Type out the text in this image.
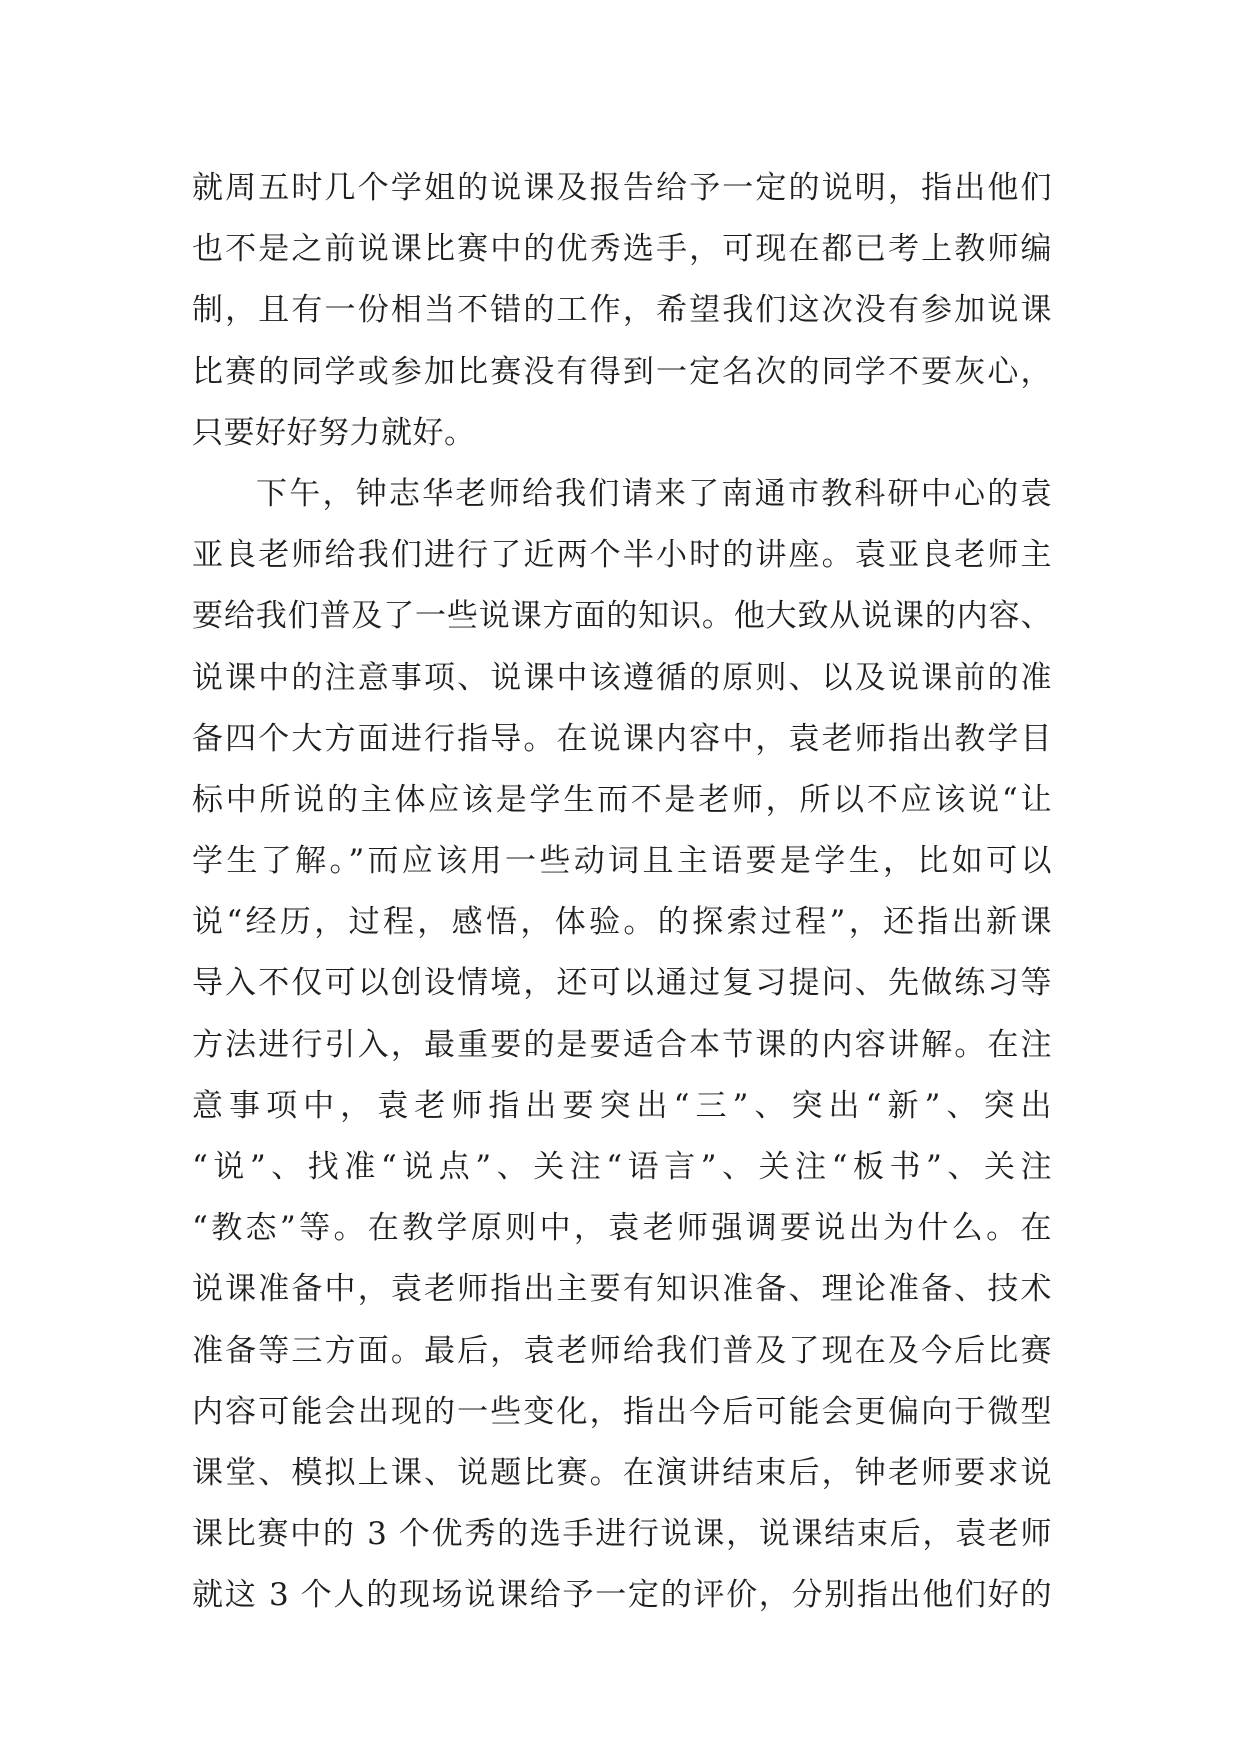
就周五时几个学姐的说课及报告给予一定的说明，指出他们
也不是之前说课比赛中的优秀选手，可现在都已考上教师编
制，且有一份相当不错的工作，希望我们这次没有参加说课
比赛的同学或参加比赛没有得到一定名次的同学不要灰心，
只要好好努力就好。
下午，钟志华老师给我们请来了南通市教科研中心的袁
亚良老师给我们进行了近两个半小时的讲座。袁亚良老师主
要给我们普及了一些说课方面的知识。他大致从说课的内容、
说课中的注意事项、说课中该遵循的原则、以及说课前的准
备四个大方面进行指导。在说课内容中，袁老师指出教学目
标中所说的主体应该是学生而不是老师，所以不应该说“让
学生了解。”而应该用一些动词且主语要是学生，比如可以
说“经历，过程，感悟，体验。的探索过程”，还指出新课
导入不仅可以创设情境，还可以通过复习提问、先做练习等
方法进行引入，最重要的是要适合本节课的内容讲解。在注
意事项中，袁老师指出要突出“三”、突出“新”、突出
“说”、找准“说点”、关注“语言”、关注“板书”、关注
“教态”等。在教学原则中，袁老师强调要说出为什么。在
说课准备中，袁老师指出主要有知识准备、理论准备、技术
准备等三方面。最后，袁老师给我们普及了现在及今后比赛
内容可能会出现的一些变化，指出今后可能会更偏向于微型
课堂、模拟上课、说题比赛。在演讲结束后，钟老师要求说
课比赛中的 3 个优秀的选手进行说课，说课结束后，袁老师
就这 3 个人的现场说课给予一定的评价，分别指出他们好的
